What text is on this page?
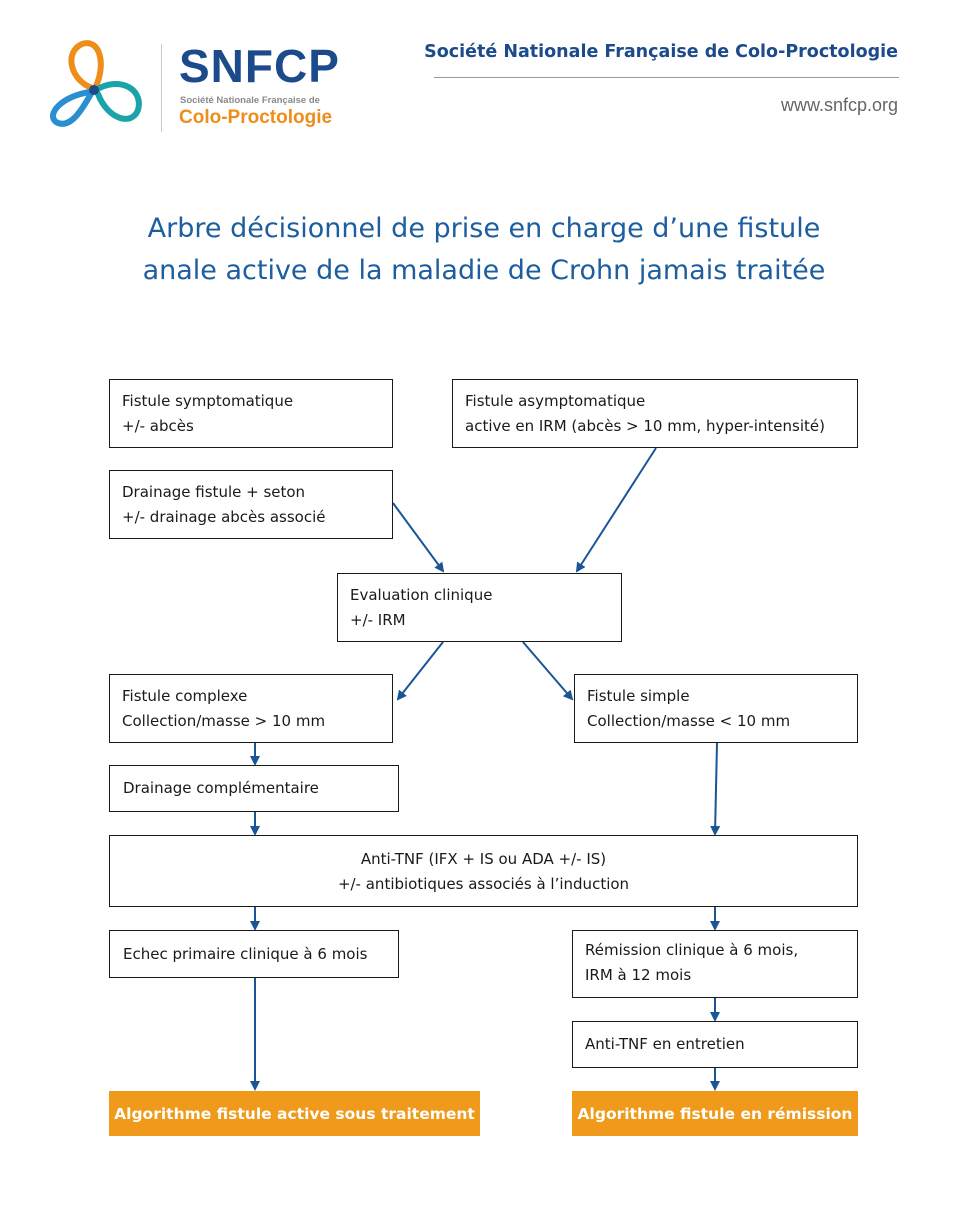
SNFCP
Société Nationale Française de
Colo-Proctologie
Société Nationale Française de Colo-Proctologie
www.snfcp.org
Arbre décisionnel de prise en charge d’une fistule
anale active de la maladie de Crohn jamais traitée
Fistule symptomatique
+/- abcès
Fistule asymptomatique
active en IRM (abcès > 10 mm, hyper-intensité)
Drainage fistule + seton
+/- drainage abcès associé
Evaluation clinique
+/- IRM
Fistule complexe
Collection/masse > 10 mm
Fistule simple
Collection/masse < 10 mm
Drainage complémentaire
Anti-TNF (IFX + IS ou ADA +/- IS)
+/- antibiotiques associés à l’induction
Echec primaire clinique à 6 mois	Rémission clinique à 6 mois,
IRM à 12 mois
Anti-TNF en entretien
Algorithme fistule active sous traitement	Algorithme fistule en rémission
